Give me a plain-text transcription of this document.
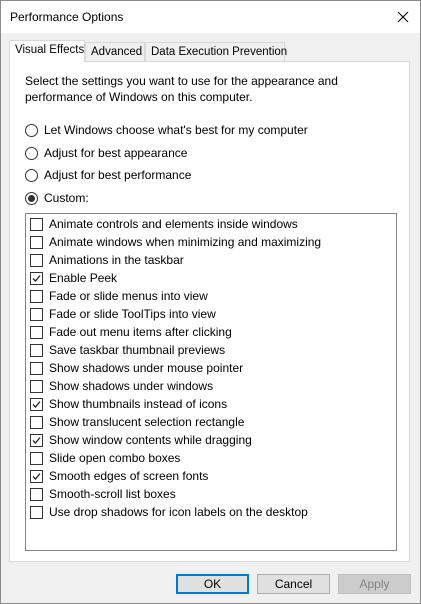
Performance Options
Visual Effects Advanced Data Execution Prevention
Select the settings you want to use for the appearance and
performance of Windows on this computer.
Let Windows choose what's best for my computer
Adjust for best appearance
Adjust for best performance
Custom:
Animate controls and elements inside windows
Animate windows when minimizing and maximizing
Animations in the taskbar
Enable Peek
Fade or slide menus into view
Fade or slide ToolTips into view
Fade out menu items after clicking
Save taskbar thumbnail previews
Show shadows under mouse pointer
Show shadows under windows
Show thumbnails instead of icons
Show translucent selection rectangle
Show window contents while dragging
Slide open combo boxes
Smooth edges of screen fonts
Smooth-scroll list boxes
Use drop shadows for icon labels on the desktop
OK	Cancel	Apply
